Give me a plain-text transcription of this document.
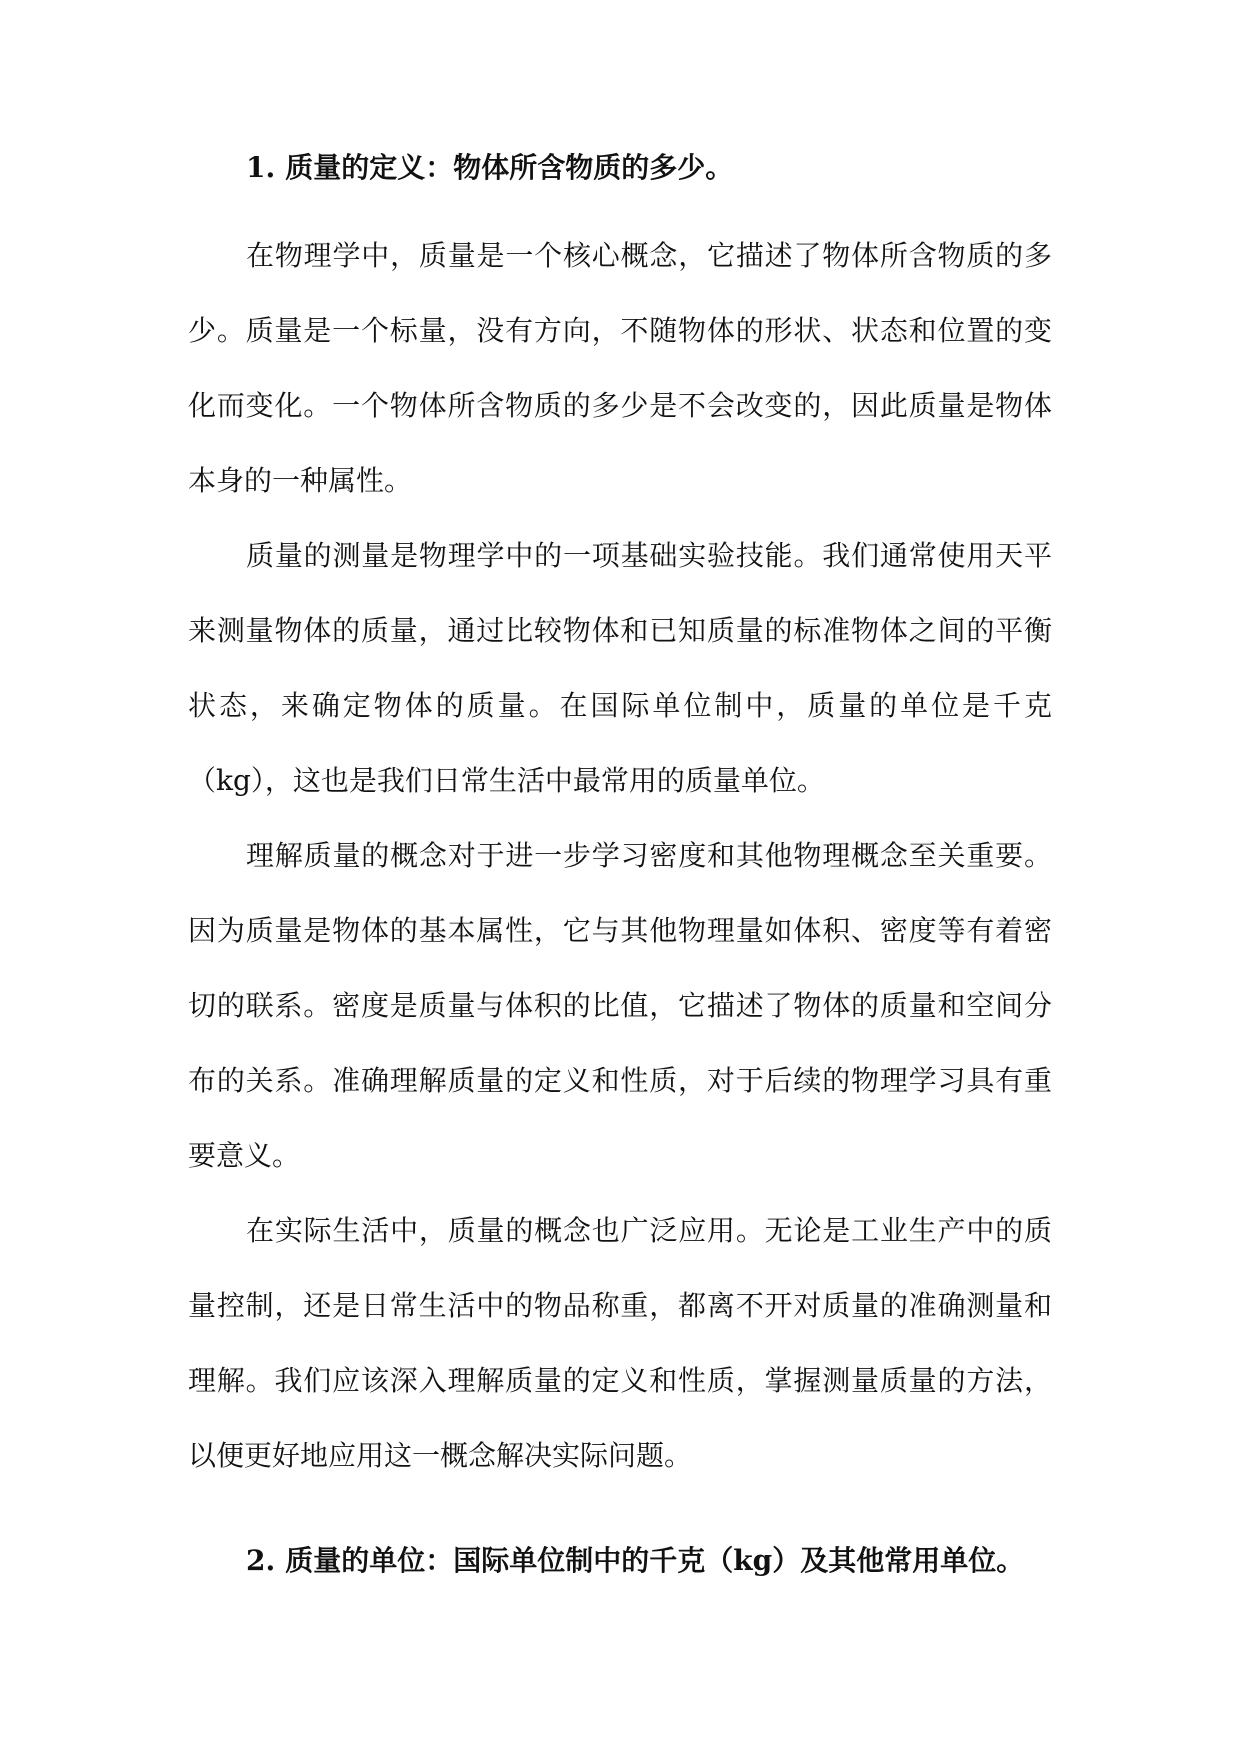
1. 质量的定义：物体所含物质的多少。

在物理学中，质量是一个核心概念，它描述了物体所含物质的多少。质量是一个标量，没有方向，不随物体的形状、状态和位置的变化而变化。一个物体所含物质的多少是不会改变的，因此质量是物体本身的一种属性。

质量的测量是物理学中的一项基础实验技能。我们通常使用天平来测量物体的质量，通过比较物体和已知质量的标准物体之间的平衡状态，来确定物体的质量。在国际单位制中，质量的单位是千克（kg），这也是我们日常生活中最常用的质量单位。

理解质量的概念对于进一步学习密度和其他物理概念至关重要。因为质量是物体的基本属性，它与其他物理量如体积、密度等有着密切的联系。密度是质量与体积的比值，它描述了物体的质量和空间分布的关系。准确理解质量的定义和性质，对于后续的物理学习具有重要意义。

在实际生活中，质量的概念也广泛应用。无论是工业生产中的质量控制，还是日常生活中的物品称重，都离不开对质量的准确测量和理解。我们应该深入理解质量的定义和性质，掌握测量质量的方法，以便更好地应用这一概念解决实际问题。

2. 质量的单位：国际单位制中的千克（kg）及其他常用单位。
